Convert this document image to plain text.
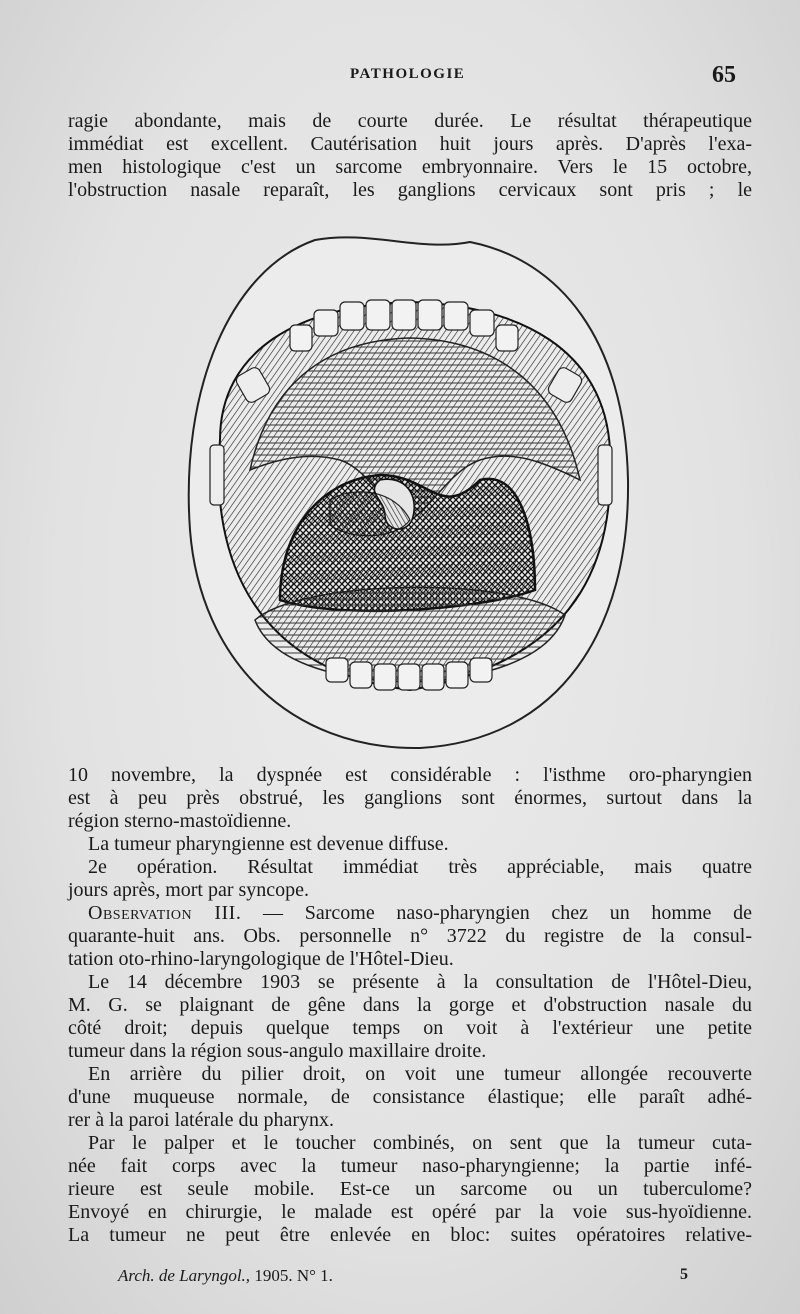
PATHOLOGIE	65
ragie abondante, mais de courte durée. Le résultat thérapeutique
immédiat est excellent. Cautérisation huit jours après. D'après l'exa-
men histologique c'est un sarcome embryonnaire. Vers le 15 octobre,
l'obstruction nasale reparaît, les ganglions cervicaux sont pris ; le
10 novembre, la dyspnée est considérable : l'isthme oro-pharyngien
est à peu près obstrué, les ganglions sont énormes, surtout dans la
région sterno-mastoïdienne.
La tumeur pharyngienne est devenue diffuse.
2e opération. Résultat immédiat très appréciable, mais quatre
jours après, mort par syncope.
Observation III. — Sarcome naso-pharyngien chez un homme de
quarante-huit ans. Obs. personnelle n° 3722 du registre de la consul-
tation oto-rhino-laryngologique de l'Hôtel-Dieu.
Le 14 décembre 1903 se présente à la consultation de l'Hôtel-Dieu,
M. G. se plaignant de gêne dans la gorge et d'obstruction nasale du
côté droit; depuis quelque temps on voit à l'extérieur une petite
tumeur dans la région sous-angulo maxillaire droite.
En arrière du pilier droit, on voit une tumeur allongée recouverte
d'une muqueuse normale, de consistance élastique; elle paraît adhé-
rer à la paroi latérale du pharynx.
Par le palper et le toucher combinés, on sent que la tumeur cuta-
née fait corps avec la tumeur naso-pharyngienne; la partie infé-
rieure est seule mobile. Est-ce un sarcome ou un tuberculome?
Envoyé en chirurgie, le malade est opéré par la voie sus-hyoïdienne.
La tumeur ne peut être enlevée en bloc: suites opératoires relative-
Arch. de Laryngol., 1905. N° 1.	5
